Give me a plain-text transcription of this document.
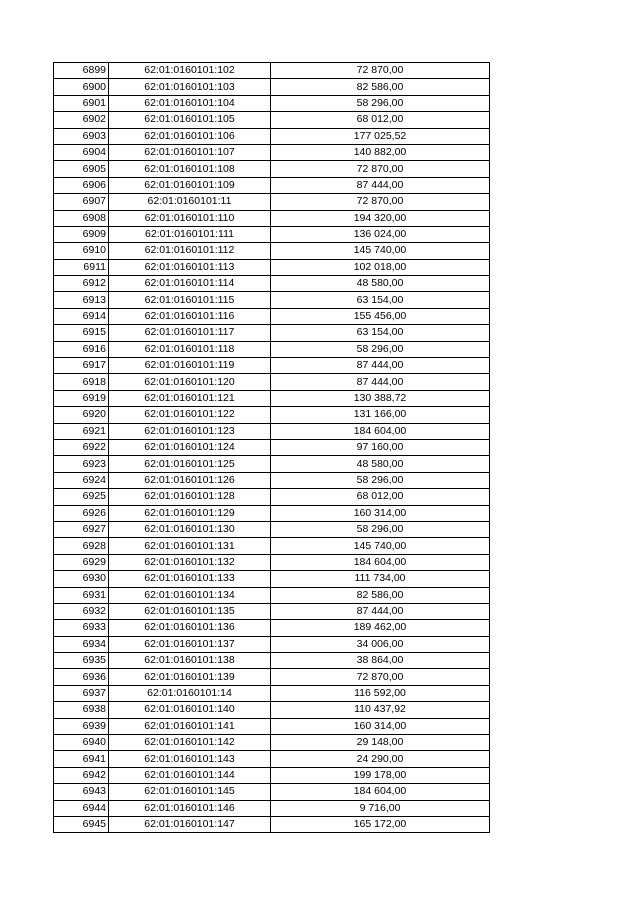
6899	62:01:0160101:102	72 870,00
6900	62:01:0160101:103	82 586,00
6901	62:01:0160101:104	58 296,00
6902	62:01:0160101:105	68 012,00
6903	62:01:0160101:106	177 025,52
6904	62:01:0160101:107	140 882,00
6905	62:01:0160101:108	72 870,00
6906	62:01:0160101:109	87 444,00
6907	62:01:0160101:11	72 870,00
6908	62:01:0160101:110	194 320,00
6909	62:01:0160101:111	136 024,00
6910	62:01:0160101:112	145 740,00
6911	62:01:0160101:113	102 018,00
6912	62:01:0160101:114	48 580,00
6913	62:01:0160101:115	63 154,00
6914	62:01:0160101:116	155 456,00
6915	62:01:0160101:117	63 154,00
6916	62:01:0160101:118	58 296,00
6917	62:01:0160101:119	87 444,00
6918	62:01:0160101:120	87 444,00
6919	62:01:0160101:121	130 388,72
6920	62:01:0160101:122	131 166,00
6921	62:01:0160101:123	184 604,00
6922	62:01:0160101:124	97 160,00
6923	62:01:0160101:125	48 580,00
6924	62:01:0160101:126	58 296,00
6925	62:01:0160101:128	68 012,00
6926	62:01:0160101:129	160 314,00
6927	62:01:0160101:130	58 296,00
6928	62:01:0160101:131	145 740,00
6929	62:01:0160101:132	184 604,00
6930	62:01:0160101:133	111 734,00
6931	62:01:0160101:134	82 586,00
6932	62:01:0160101:135	87 444,00
6933	62:01:0160101:136	189 462,00
6934	62:01:0160101:137	34 006,00
6935	62:01:0160101:138	38 864,00
6936	62:01:0160101:139	72 870,00
6937	62:01:0160101:14	116 592,00
6938	62:01:0160101:140	110 437,92
6939	62:01:0160101:141	160 314,00
6940	62:01:0160101:142	29 148,00
6941	62:01:0160101:143	24 290,00
6942	62:01:0160101:144	199 178,00
6943	62:01:0160101:145	184 604,00
6944	62:01:0160101:146	9 716,00
6945	62:01:0160101:147	165 172,00
